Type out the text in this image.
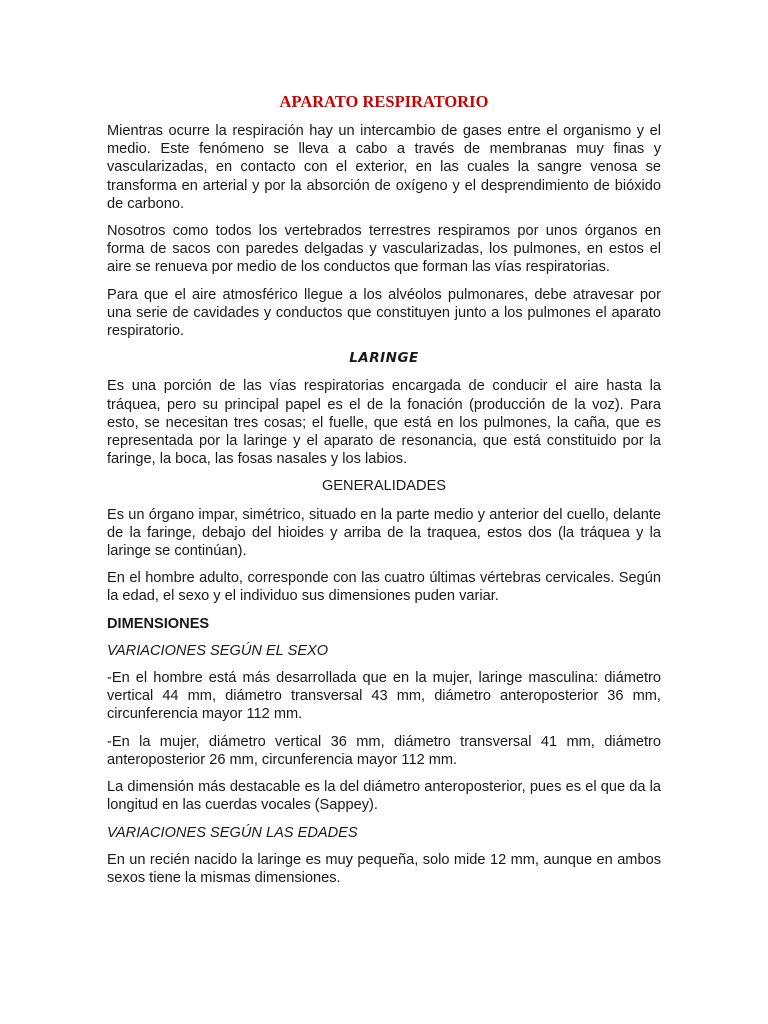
APARATO RESPIRATORIO

Mientras ocurre la respiración hay un intercambio de gases entre el organismo y el medio. Este fenómeno se lleva a cabo a través de membranas muy finas y vascularizadas, en contacto con el exterior, en las cuales la sangre venosa se transforma en arterial y por la absorción de oxígeno y el desprendimiento de bióxido de carbono.

Nosotros como todos los vertebrados terrestres respiramos por unos órganos en forma de sacos con paredes delgadas y vascularizadas, los pulmones, en estos el aire se renueva por medio de los conductos que forman las vías respiratorias.

Para que el aire atmosférico llegue a los alvéolos pulmonares, debe atravesar por una serie de cavidades y conductos que constituyen junto a los pulmones el aparato respiratorio.

LARINGE

Es una porción de las vías respiratorias encargada de conducir el aire hasta la tráquea, pero su principal papel es el de la fonación (producción de la voz). Para esto, se necesitan tres cosas; el fuelle, que está en los pulmones, la caña, que es representada por la laringe y el aparato de resonancia, que está constituido por la faringe, la boca, las fosas nasales y los labios.

GENERALIDADES

Es un órgano impar, simétrico, situado en la parte medio y anterior del cuello, delante de la faringe, debajo del hioides y arriba de la traquea, estos dos (la tráquea y la laringe se continúan).

En el hombre adulto, corresponde con las cuatro últimas vértebras cervicales. Según la edad, el sexo y el individuo sus dimensiones puden variar.

DIMENSIONES
VARIACIONES SEGÚN EL SEXO

-En el hombre está más desarrollada que en la mujer, laringe masculina: diámetro vertical 44 mm, diámetro transversal 43 mm, diámetro anteroposterior 36 mm, circunferencia mayor 112 mm.

-En la mujer, diámetro vertical 36 mm, diámetro transversal 41 mm, diámetro anteroposterior 26 mm, circunferencia mayor 112 mm.

La dimensión más destacable es la del diámetro anteroposterior, pues es el que da la longitud en las cuerdas vocales (Sappey).

VARIACIONES SEGÚN LAS EDADES

En un recién nacido la laringe es muy pequeña, solo mide 12 mm, aunque en ambos sexos tiene la mismas dimensiones.
